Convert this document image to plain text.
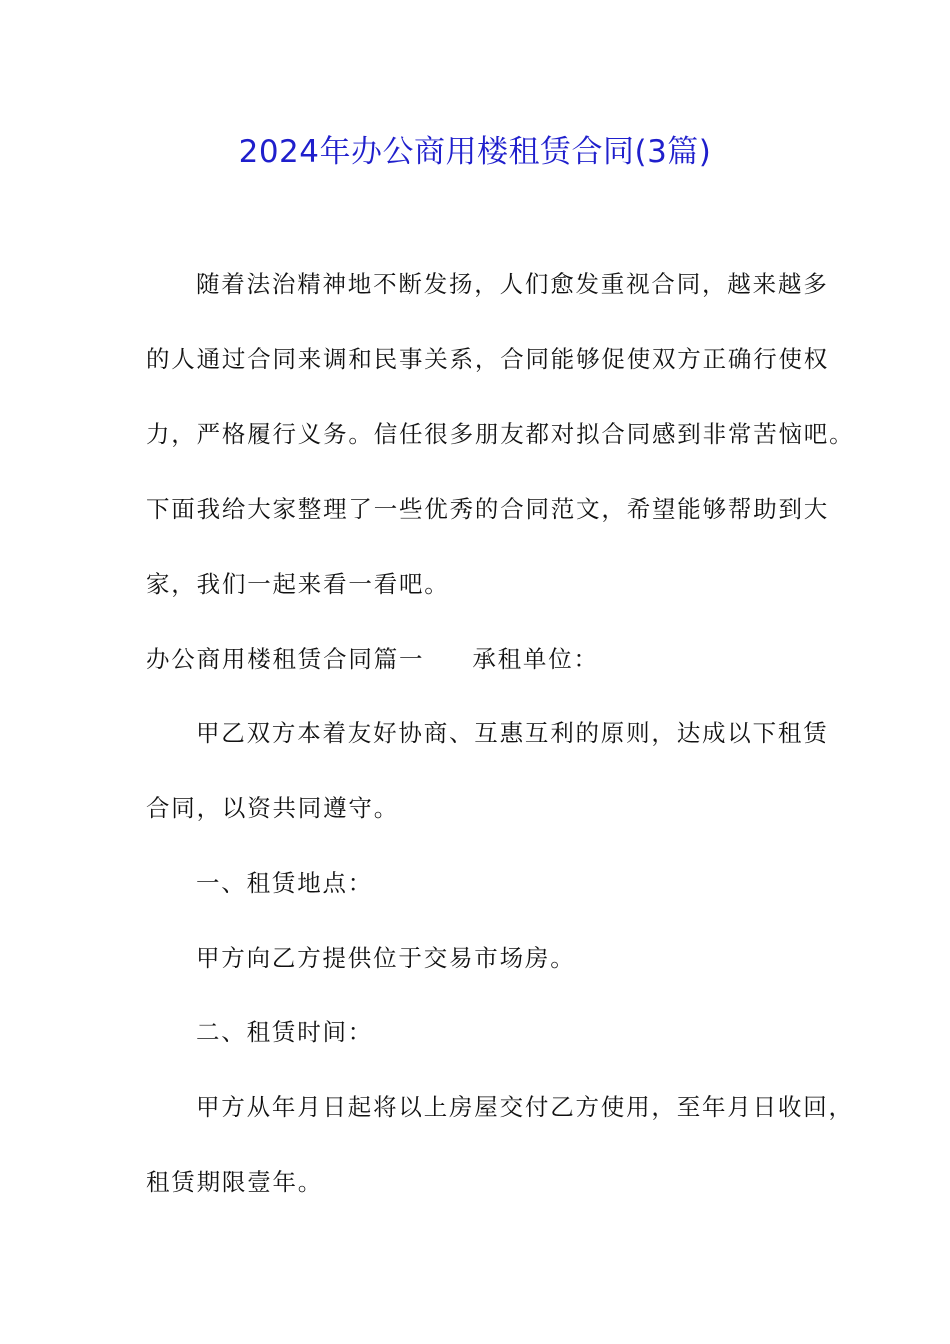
2024年办公商用楼租赁合同(3篇)
随着法治精神地不断发扬，人们愈发重视合同，越来越多
的人通过合同来调和民事关系，合同能够促使双方正确行使权
力，严格履行义务。信任很多朋友都对拟合同感到非常苦恼吧。
下面我给大家整理了一些优秀的合同范文，希望能够帮助到大
家，我们一起来看一看吧。
办公商用楼租赁合同篇一 承租单位：
甲乙双方本着友好协商、互惠互利的原则，达成以下租赁
合同，以资共同遵守。
一、租赁地点：
甲方向乙方提供位于交易市场房。
二、租赁时间：
甲方从年月日起将以上房屋交付乙方使用，至年月日收回，
租赁期限壹年。
